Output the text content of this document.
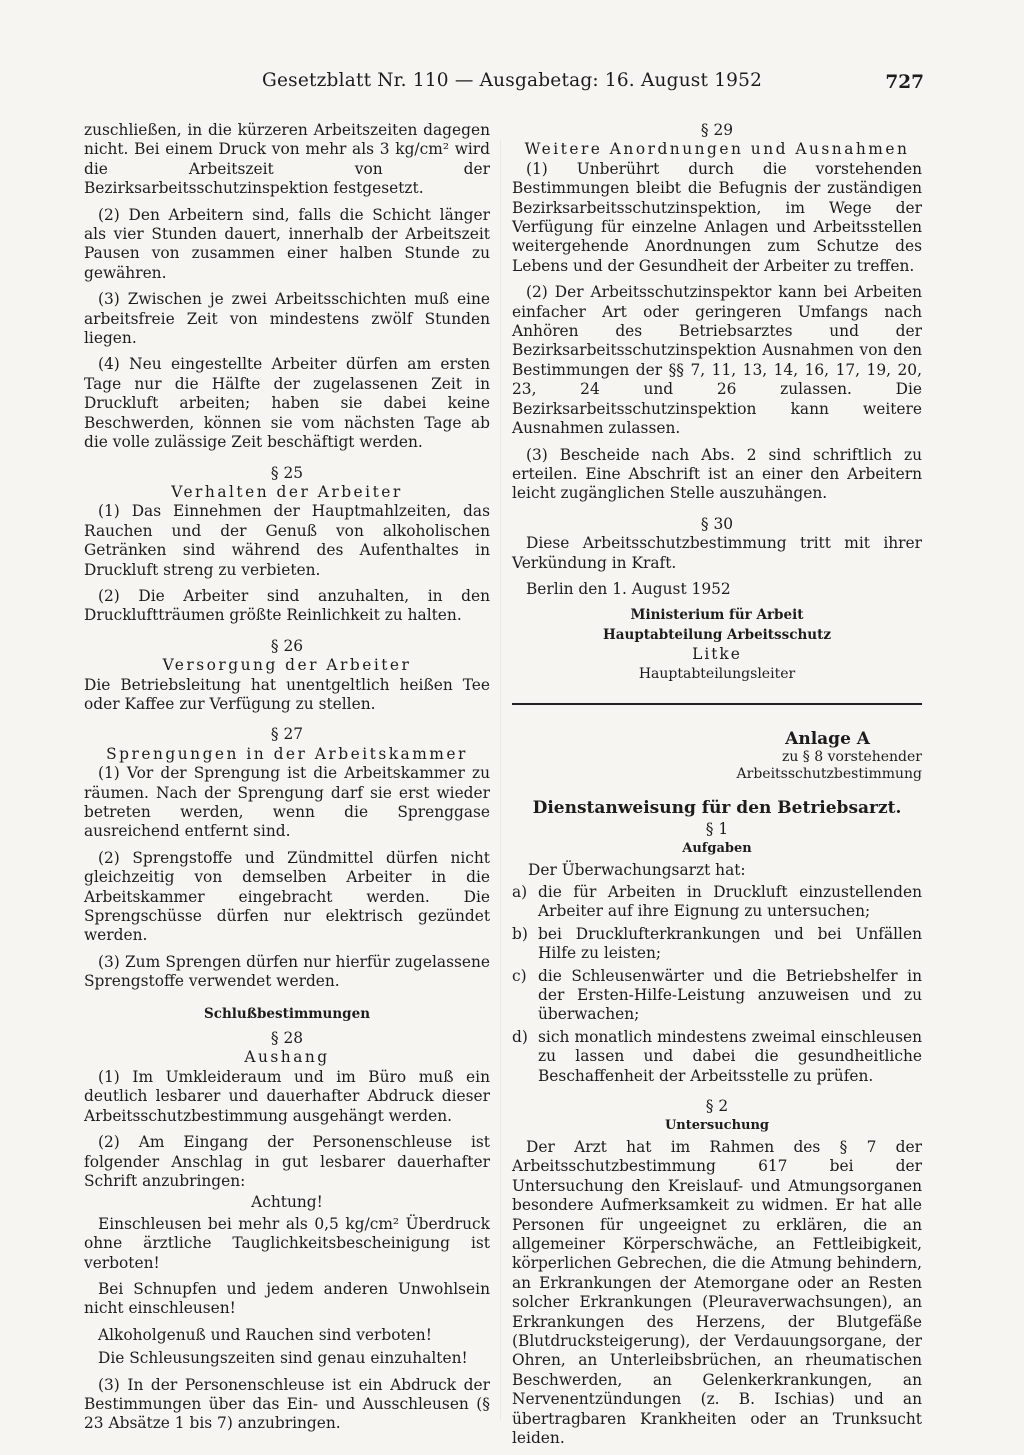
Gesetzblatt Nr. 110 — Ausgabetag: 16. August 1952	727

zuschließen, in die kürzeren Arbeitszeiten dagegen nicht. Bei einem Druck von mehr als 3 kg/cm² wird die Arbeitszeit von der Bezirksarbeitsschutzinspektion festgesetzt.

(2) Den Arbeitern sind, falls die Schicht länger als vier Stunden dauert, innerhalb der Arbeitszeit Pausen von zusammen einer halben Stunde zu gewähren.

(3) Zwischen je zwei Arbeitsschichten muß eine arbeitsfreie Zeit von mindestens zwölf Stunden liegen.

(4) Neu eingestellte Arbeiter dürfen am ersten Tage nur die Hälfte der zugelassenen Zeit in Druckluft arbeiten; haben sie dabei keine Beschwerden, können sie vom nächsten Tage ab die volle zulässige Zeit beschäftigt werden.

§ 25
Verhalten der Arbeiter

(1) Das Einnehmen der Hauptmahlzeiten, das Rauchen und der Genuß von alkoholischen Getränken sind während des Aufenthaltes in Druckluft streng zu verbieten.

(2) Die Arbeiter sind anzuhalten, in den Druckluftträumen größte Reinlichkeit zu halten.

§ 26
Versorgung der Arbeiter

Die Betriebsleitung hat unentgeltlich heißen Tee oder Kaffee zur Verfügung zu stellen.

§ 27
Sprengungen in der Arbeitskammer

(1) Vor der Sprengung ist die Arbeitskammer zu räumen. Nach der Sprengung darf sie erst wieder betreten werden, wenn die Sprenggase ausreichend entfernt sind.

(2) Sprengstoffe und Zündmittel dürfen nicht gleichzeitig von demselben Arbeiter in die Arbeitskammer eingebracht werden. Die Sprengschüsse dürfen nur elektrisch gezündet werden.

(3) Zum Sprengen dürfen nur hierfür zugelassene Sprengstoffe verwendet werden.

Schlußbestimmungen
§ 28
Aushang

(1) Im Umkleideraum und im Büro muß ein deutlich lesbarer und dauerhafter Abdruck dieser Arbeitsschutzbestimmung ausgehängt werden.

(2) Am Eingang der Personenschleuse ist folgender Anschlag in gut lesbarer dauerhafter Schrift anzubringen:

Achtung!

Einschleusen bei mehr als 0,5 kg/cm² Überdruck ohne ärztliche Tauglichkeitsbescheinigung ist verboten!

Bei Schnupfen und jedem anderen Unwohlsein nicht einschleusen!

Alkoholgenuß und Rauchen sind verboten!

Die Schleusungszeiten sind genau einzuhalten!

(3) In der Personenschleuse ist ein Abdruck der Bestimmungen über das Ein- und Ausschleusen (§ 23 Absätze 1 bis 7) anzubringen.

§ 29
Weitere Anordnungen und Ausnahmen

(1) Unberührt durch die vorstehenden Bestimmungen bleibt die Befugnis der zuständigen Bezirksarbeitsschutzinspektion, im Wege der Verfügung für einzelne Anlagen und Arbeitsstellen weitergehende Anordnungen zum Schutze des Lebens und der Gesundheit der Arbeiter zu treffen.

(2) Der Arbeitsschutzinspektor kann bei Arbeiten einfacher Art oder geringeren Umfangs nach Anhören des Betriebsarztes und der Bezirksarbeitsschutzinspektion Ausnahmen von den Bestimmungen der §§ 7, 11, 13, 14, 16, 17, 19, 20, 23, 24 und 26 zulassen. Die Bezirksarbeitsschutzinspektion kann weitere Ausnahmen zulassen.

(3) Bescheide nach Abs. 2 sind schriftlich zu erteilen. Eine Abschrift ist an einer den Arbeitern leicht zugänglichen Stelle auszuhängen.

§ 30

Diese Arbeitsschutzbestimmung tritt mit ihrer Verkündung in Kraft.

Berlin den 1. August 1952

Ministerium für Arbeit
Hauptabteilung Arbeitsschutz
Litke
Hauptabteilungsleiter
Anlage A
zu § 8 vorstehender
Arbeitsschutzbestimmung
Dienstanweisung für den Betriebsarzt.
§ 1
Aufgaben

Der Überwachungsarzt hat:

a) die für Arbeiten in Druckluft einzustellenden Arbeiter auf ihre Eignung zu untersuchen;
b) bei Drucklufterkrankungen und bei Unfällen Hilfe zu leisten;
c) die Schleusenwärter und die Betriebshelfer in der Ersten-Hilfe-Leistung anzuweisen und zu überwachen;
d) sich monatlich mindestens zweimal einschleusen zu lassen und dabei die gesundheitliche Beschaffenheit der Arbeitsstelle zu prüfen.
§ 2
Untersuchung

Der Arzt hat im Rahmen des § 7 der Arbeitsschutzbestimmung 617 bei der Untersuchung den Kreislauf- und Atmungsorganen besondere Aufmerksamkeit zu widmen. Er hat alle Personen für ungeeignet zu erklären, die an allgemeiner Körperschwäche, an Fettleibigkeit, körperlichen Gebrechen, die die Atmung behindern, an Erkrankungen der Atemorgane oder an Resten solcher Erkrankungen (Pleuraverwachsungen), an Erkrankungen des Herzens, der Blutgefäße (Blutdrucksteigerung), der Verdauungsorgane, der Ohren, an Unterleibsbrüchen, an rheumatischen Beschwerden, an Gelenkerkrankungen, an Nervenentzündungen (z. B. Ischias) und an übertragbaren Krankheiten oder an Trunksucht leiden.
